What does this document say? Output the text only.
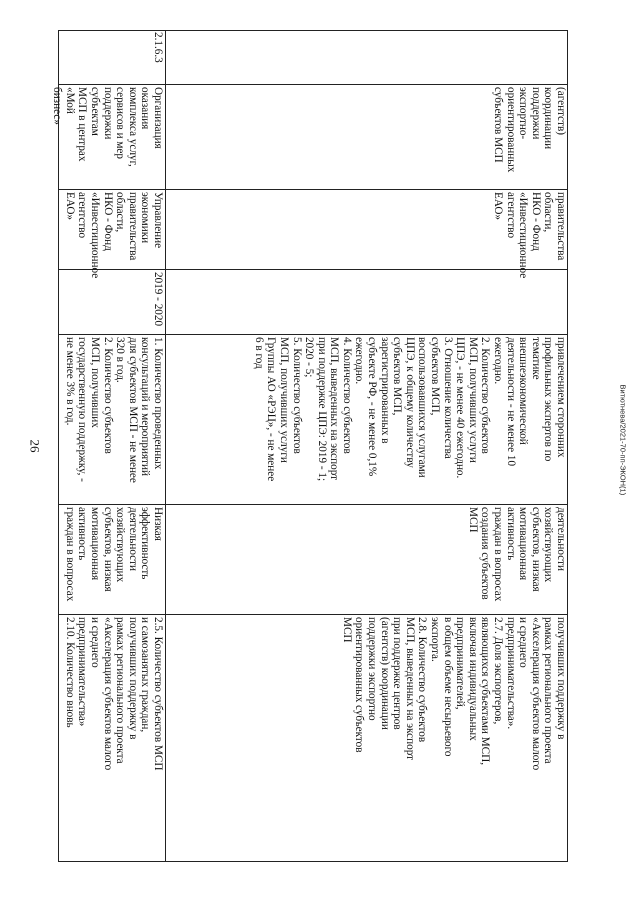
26
(агентств)
координации
поддержки экспортно-
ориентированных
субъектов МСП
правительства
области,
НКО - Фонд
«Инвестиционное
агентство ЕАО»
привлечением сторонних
профильных экспертов по
тематике
внешнеэкономической
деятельности - не менее 10
ежегодно.
2. Количество субъектов
МСП, получивших услуги
ЦПЭ, - не менее 40 ежегодно.
3. Отношение количества
субъектов МСП,
воспользовавшихся услугами
ЦПЭ, к общему количеству
субъектов МСП,
зарегистрированных в
субъекте РФ, - не менее 0,1%
ежегодно.
4. Количество субъектов
МСП, выведенных на экспорт
при поддержке ЦПЭ: 2019 - 1;
2020 - 5;
5. Количество субъектов
МСП, получивших услуги
Группы АО «РЭЦ», - не менее
6 в год
деятельности
хозяйствующих
субъектов, низкая
мотивационная
активность
граждан в вопросах
создания субъектов
МСП
получивших поддержку в
рамках регионального проекта
«Акселерация субъектов малого
и среднего
предпринимательства».
2.7. Доля экспортеров,
являющихся субъектами МСП,
включая индивидуальных
предпринимателей,
в общем объеме несырьевого
экспорта.
2.8. Количество субъектов
МСП, выведенных на экспорт
при поддержке центров
(агентств) координации
поддержки экспортно
ориентированных субъектов
МСП
2.1.6.3
Организация оказания
комплекса услуг,
сервисов и мер
поддержки субъектам
МСП в центрах «Мой
бизнес»
Управление
экономики
правительства
области,
НКО - Фонд
«Инвестиционное
агентство ЕАО»
2019 - 2020
1. Количество проведенных
консультаций и мероприятий
для субъектов МСП - не менее
320 в год.
2. Количество субъектов
МСП, получивших
государственную поддержку, -
не менее 3% в год.
Низкая
эффективность
деятельности
хозяйствующих
субъектов, низкая
мотивационная
активность
граждан в вопросах
2.5. Количество субъектов МСП
и самозанятых граждан,
получивших поддержку в
рамках регионального проекта
«Акселерация субъектов малого
и среднего
предпринимательства»
2.10. Количество вновь
Витютнева/2021-70-пп-ЭКОН(1)
